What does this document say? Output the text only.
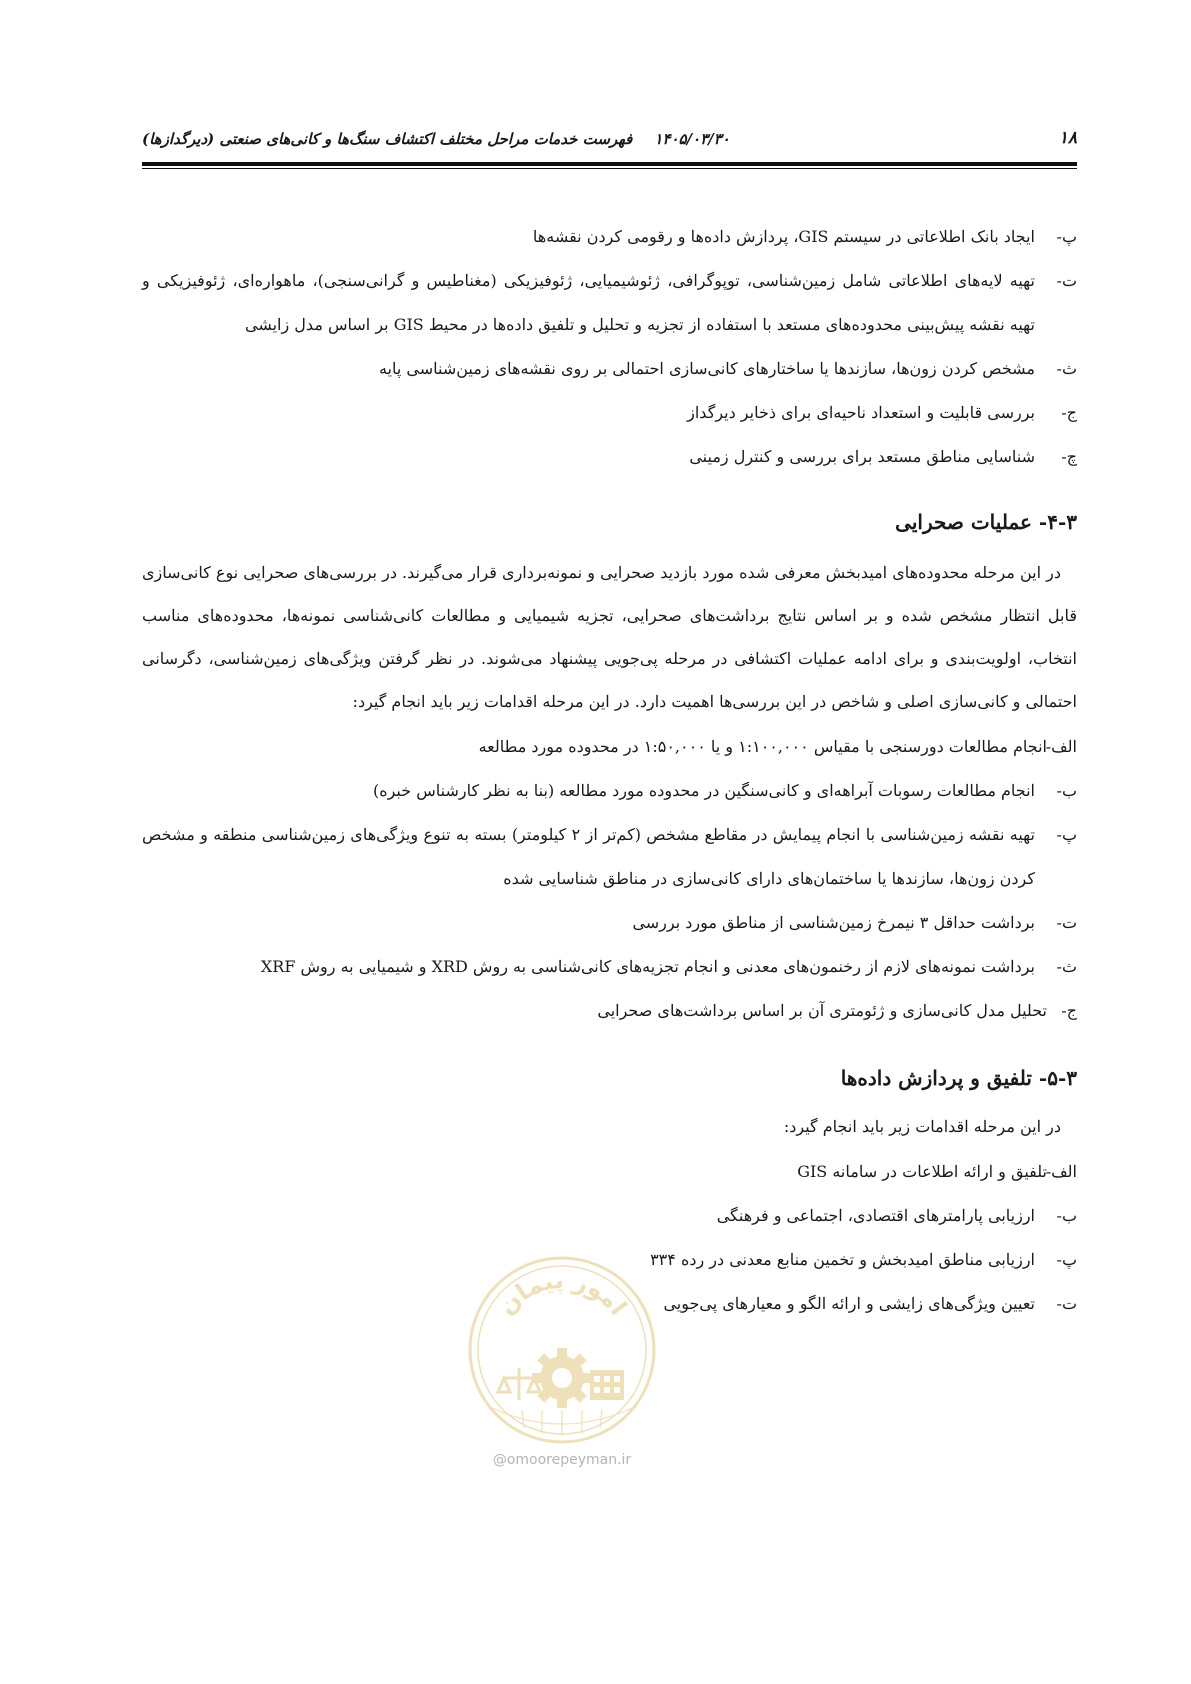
۱۸
۱۴۰۵/۰۳/۳۰فهرست خدمات مراحل مختلف اکتشاف سنگ‌ها و کانی‌های صنعتی (دیرگدازها)
پ-
ایجاد بانک اطلاعاتی در سیستم GIS، پردازش داده‌ها و رقومی کردن نقشه‌ها
ت-
تهیه لایه‌های اطلاعاتی شامل زمین‌شناسی، توپوگرافی، ژئوشیمیایی، ژئوفیزیکی (مغناطیس و گرانی‌سنجی)، ماهواره‌ای، ژئوفیزیکی و تهیه نقشه پیش‌بینی محدوده‌های مستعد با استفاده از تجزیه و تحلیل و تلفیق داده‌ها در محیط GIS بر اساس مدل زایشی
ث-
مشخص کردن زون‌ها، سازندها یا ساختارهای کانی‌سازی احتمالی بر روی نقشه‌های زمین‌شناسی پایه
ج-
بررسی قابلیت و استعداد ناحیه‌ای برای ذخایر دیرگداز
چ-
شناسایی مناطق مستعد برای بررسی و کنترل زمینی
۴-۳- عملیات صحرایی
در این مرحله محدوده‌های امیدبخش معرفی شده مورد بازدید صحرایی و نمونه‌برداری قرار می‌گیرند. در بررسی‌های صحرایی نوع کانی‌سازی قابل انتظار مشخص شده و بر اساس نتایج برداشت‌های صحرایی، تجزیه شیمیایی و مطالعات کانی‌شناسی نمونه‌ها، محدوده‌های مناسب انتخاب، اولویت‌بندی و برای ادامه عملیات اکتشافی در مرحله پی‌جویی پیشنهاد می‌شوند. در نظر گرفتن ویژگی‌های زمین‌شناسی، دگرسانی احتمالی و کانی‌سازی اصلی و شاخص در این بررسی‌ها اهمیت دارد. در این مرحله اقدامات زیر باید انجام گیرد:
الف-
انجام مطالعات دورسنجی با مقیاس ۱:۱۰۰,۰۰۰ و یا ۱:۵۰,۰۰۰ در محدوده مورد مطالعه
ب-
انجام مطالعات رسوبات آبراهه‌ای و کانی‌سنگین در محدوده مورد مطالعه (بنا به نظر کارشناس خبره)
پ-
تهیه نقشه زمین‌شناسی با انجام پیمایش در مقاطع مشخص (کم‌تر از ۲ کیلومتر) بسته به تنوع ویژگی‌های زمین‌شناسی منطقه و مشخص کردن زون‌ها، سازندها یا ساختمان‌های دارای کانی‌سازی در مناطق شناسایی شده
ت-
برداشت حداقل ۳ نیمرخ زمین‌شناسی از مناطق مورد بررسی
ث-
برداشت نمونه‌های لازم از رخنمون‌های معدنی و انجام تجزیه‌های کانی‌شناسی به روش XRD و شیمیایی به روش XRF
ج-
تحلیل مدل کانی‌سازی و ژئومتری آن بر اساس برداشت‌های صحرایی
۵-۳- تلفیق و پردازش داده‌ها
در این مرحله اقدامات زیر باید انجام گیرد:
الف-
تلفیق و ارائه اطلاعات در سامانه GIS
ب-
ارزیابی پارامترهای اقتصادی، اجتماعی و فرهنگی
پ-
ارزیابی مناطق امیدبخش و تخمین منابع معدنی در رده ۳۳۴
ت-
تعیین ویژگی‌های زایشی و ارائه الگو و معیارهای پی‌جویی
امور پیمان
@omoorepeyman.ir
